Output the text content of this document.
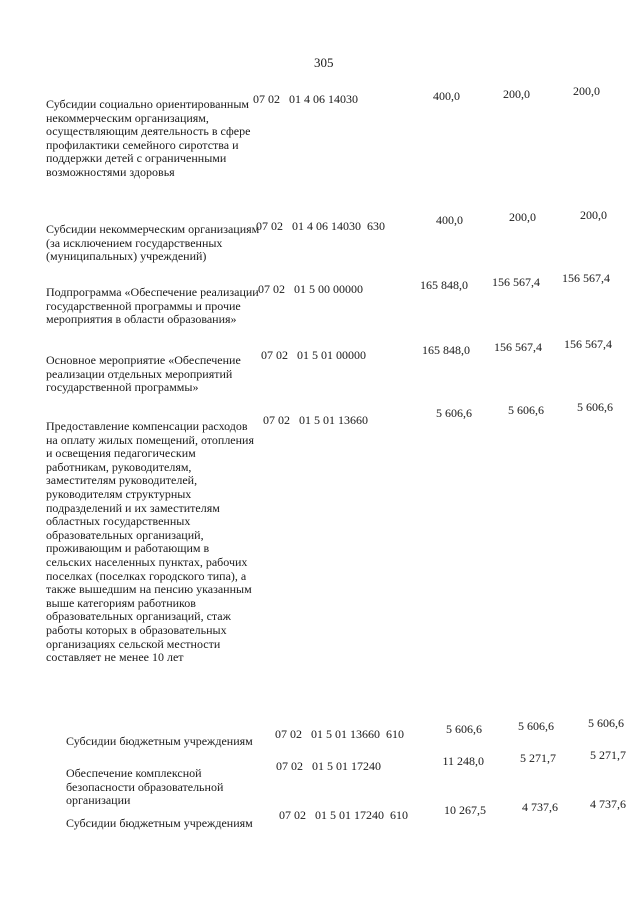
305

Субсидии социально ориентированным некоммерческим организациям, осуществляющим деятельность в сфере профилактики семейного сиротства и поддержки детей с ограниченными возможностями здоровья

07 02   01 4 06 14030	400,0	200,0	200,0

Субсидии некоммерческим организациям (за исключением государственных (муниципальных) учреждений)

07 02   01 4 06 14030  630	400,0	200,0	200,0

Подпрограмма «Обеспечение реализации государственной программы и прочие мероприятия в области образования»

07 02   01 5 00 00000	165 848,0	156 567,4	156 567,4

Основное мероприятие «Обеспечение реализации отдельных мероприятий государственной программы»

07 02   01 5 01 00000	165 848,0	156 567,4	156 567,4

Предоставление компенсации расходов на оплату жилых помещений, отопления и освещения педагогическим работникам, руководителям, заместителям руководителей, руководителям структурных подразделений и их заместителям областных государственных образовательных организаций, проживающим и работающим в сельских населенных пунктах, рабочих поселках (поселках городского типа), а также вышедшим на пенсию указанным выше категориям работников образовательных организаций, стаж работы которых в образовательных организациях сельской местности составляет не менее 10 лет

07 02   01 5 01 13660	5 606,6	5 606,6	5 606,6

Субсидии бюджетным учреждениям 07 02   01 5 01 13660  610	5 606,6	5 606,6	5 606,6

Обеспечение комплексной безопасности образовательной организации

07 02   01 5 01 17240	11 248,0	5 271,7	5 271,7

Субсидии бюджетным учреждениям

07 02   01 5 01 17240  610	10 267,5	4 737,6	4 737,6
